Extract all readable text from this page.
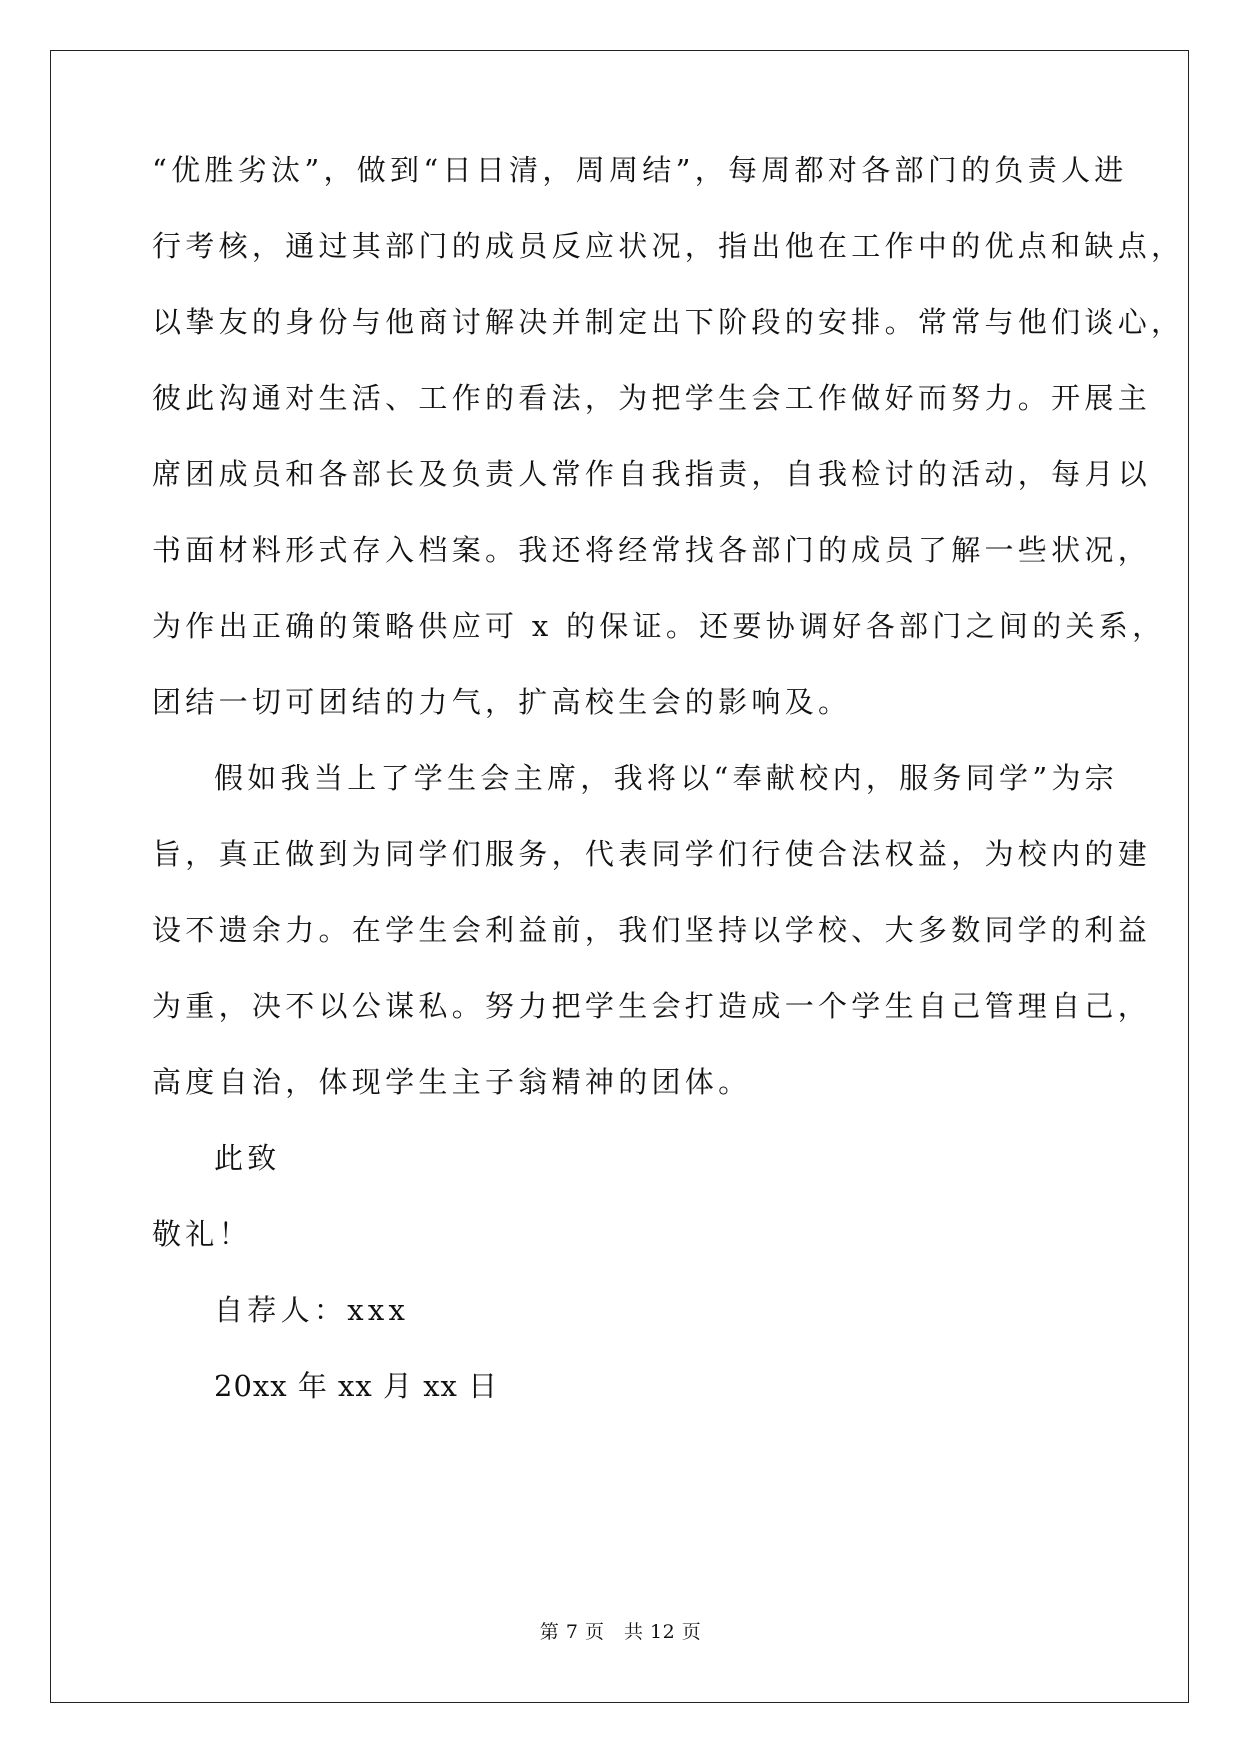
“优胜劣汰”，做到“日日清，周周结”，每周都对各部门的负责人进
行考核，通过其部门的成员反应状况，指出他在工作中的优点和缺点，
以挚友的身份与他商讨解决并制定出下阶段的安排。常常与他们谈心，
彼此沟通对生活、工作的看法，为把学生会工作做好而努力。开展主
席团成员和各部长及负责人常作自我指责，自我检讨的活动，每月以
书面材料形式存入档案。我还将经常找各部门的成员了解一些状况，
为作出正确的策略供应可 x 的保证。还要协调好各部门之间的关系，
团结一切可团结的力气，扩高校生会的影响及。
假如我当上了学生会主席，我将以“奉献校内，服务同学”为宗
旨，真正做到为同学们服务，代表同学们行使合法权益，为校内的建
设不遗余力。在学生会利益前，我们坚持以学校、大多数同学的利益
为重，决不以公谋私。努力把学生会打造成一个学生自己管理自己，
高度自治，体现学生主子翁精神的团体。
此致
敬礼！
自荐人：xxx
20xx 年 xx 月 xx 日
第 7 页　共 12 页
